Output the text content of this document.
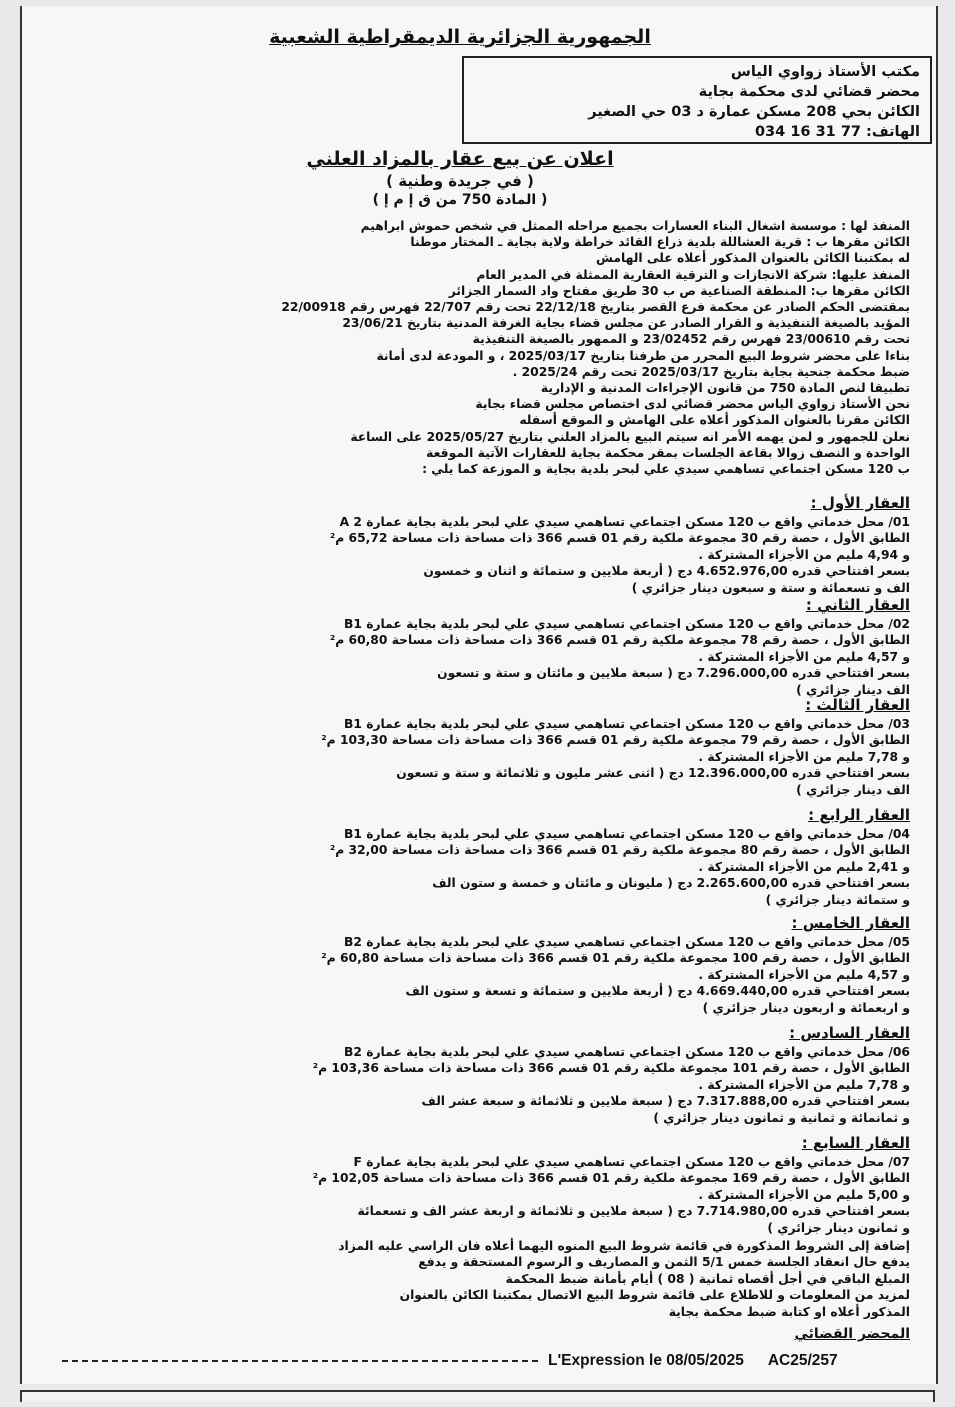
الجمهورية الجزائرية الديمقراطية الشعبية
مكتب الأستاذ زواوي الياس
محضر قضائي لدى محكمة بجاية
الكائن بحي 208 مسكن عمارة د 03 حي الصغير
الهاتف: 77 31 16 034
اعلان عن بيع عقار بالمزاد العلني
( في جريدة وطنية )
( المادة 750 من ق إ م إ )

المنفذ لها : موسسة اشغال البناء العسارات بجميع مراحله الممثل في شخص حموش ابراهيم

الكائن مقرها ب : قرية العشاللة بلدية ذراع القائد خراطة ولاية بجاية ـ المختار موطنا

له بمكتبنا الكائن بالعنوان المذكور أعلاه على الهامش

المنفذ عليها: شركة الانجازات و الترقية العقارية الممثلة في المدير العام

الكائن مقرها ب: المنطقة الصناعية ص ب 30 طريق مفتاح واد السمار الجزائر

بمقتضى الحكم الصادر عن محكمة فرع القصر بتاريخ 22/12/18 تحت رقم 22/707 فهرس رقم 22/00918

المؤيد بالصيغة التنفيذية و القرار الصادر عن مجلس قضاء بجاية الغرفة المدنية بتاريخ 23/06/21

تحت رقم 23/00610 فهرس رقم 23/02452 و الممهور بالصيغة التنفيذية

بناءا على محضر شروط البيع المحرر من طرفنا بتاريخ 2025/03/17 ، و المودعة لدى أمانة

ضبط محكمة جنحية بجاية بتاريخ 2025/03/17 تحت رقم 2025/24 .

تطبيقا لنص المادة 750 من قانون الإجراءات المدنية و الإدارية

نحن الأستاذ زواوي الياس محضر قضائي لدى اختصاص مجلس قضاء بجاية

الكائن مقرنا بالعنوان المذكور أعلاه على الهامش و الموقع أسفله

نعلن للجمهور و لمن يهمه الأمر انه سيتم البيع بالمزاد العلني بتاريخ 2025/05/27 على الساعة

الواحدة و النصف زوالا بقاعة الجلسات بمقر محكمة بجاية للعقارات الآتية الموقعة

ب 120 مسكن اجتماعي تساهمي سيدي علي لبحر بلدية بجاية و الموزعة كما يلي :

العقار الأول :

01/ محل خدماتي واقع ب 120 مسكن اجتماعي تساهمي سيدي علي لبحر بلدية بجاية عمارة A 2

الطابق الأول ، حصة رقم 30 مجموعة ملكية رقم 01 قسم 366 ذات مساحة ذات مساحة 65,72 م²

و 4,94 مليم من الأجزاء المشتركة .

بسعر افتتاحي قدره 4.652.976,00 دج ( أربعة ملايين و ستمائة و اثنان و خمسون

الف و تسعمائة و ستة و سبعون دينار جزائري )

العقار الثاني :

02/ محل خدماتي واقع ب 120 مسكن اجتماعي تساهمي سيدي علي لبحر بلدية بجاية عمارة B1

الطابق الأول ، حصة رقم 78 مجموعة ملكية رقم 01 قسم 366 ذات مساحة ذات مساحة 60,80 م²

و 4,57 مليم من الأجزاء المشتركة .

بسعر افتتاحي قدره 7.296.000,00 دج ( سبعة ملايين و مائتان و ستة و تسعون

الف دينار جزائري )

العقار الثالث :

03/ محل خدماتي واقع ب 120 مسكن اجتماعي تساهمي سيدي علي لبحر بلدية بجاية عمارة B1

الطابق الأول ، حصة رقم 79 مجموعة ملكية رقم 01 قسم 366 ذات مساحة ذات مساحة 103,30 م²

و 7,78 مليم من الأجزاء المشتركة .

بسعر افتتاحي قدره 12.396.000,00 دج ( اثنى عشر مليون و ثلاثمائة و ستة و تسعون

الف دينار جزائري )

العقار الرابع :

04/ محل خدماتي واقع ب 120 مسكن اجتماعي تساهمي سيدي علي لبحر بلدية بجاية عمارة B1

الطابق الأول ، حصة رقم 80 مجموعة ملكية رقم 01 قسم 366 ذات مساحة ذات مساحة 32,00 م²

و 2,41 مليم من الأجزاء المشتركة .

بسعر افتتاحي قدره 2.265.600,00 دج ( مليونان و مائتان و خمسة و ستون الف

و ستمائة دينار جزائري )

العقار الخامس :

05/ محل خدماتي واقع ب 120 مسكن اجتماعي تساهمي سيدي علي لبحر بلدية بجاية عمارة B2

الطابق الأول ، حصة رقم 100 مجموعة ملكية رقم 01 قسم 366 ذات مساحة ذات مساحة 60,80 م²

و 4,57 مليم من الأجزاء المشتركة .

بسعر افتتاحي قدره 4.669.440,00 دج ( أربعة ملايين و ستمائة و تسعة و ستون الف

و اربعمائة و اربعون دينار جزائري )

العقار السادس :

06/ محل خدماتي واقع ب 120 مسكن اجتماعي تساهمي سيدي علي لبحر بلدية بجاية عمارة B2

الطابق الأول ، حصة رقم 101 مجموعة ملكية رقم 01 قسم 366 ذات مساحة ذات مساحة 103,36 م²

و 7,78 مليم من الأجزاء المشتركة .

بسعر افتتاحي قدره 7.317.888,00 دج ( سبعة ملايين و ثلاثمائة و سبعة عشر الف

و ثمانمائة و ثمانية و ثمانون دينار جزائري )

العقار السابع :

07/ محل خدماتي واقع ب 120 مسكن اجتماعي تساهمي سيدي علي لبحر بلدية بجاية عمارة F

الطابق الأول ، حصة رقم 169 مجموعة ملكية رقم 01 قسم 366 ذات مساحة ذات مساحة 102,05 م²

و 5,00 مليم من الأجزاء المشتركة .

بسعر افتتاحي قدره 7.714.980,00 دج ( سبعة ملايين و ثلاثمائة و اربعة عشر الف و تسعمائة

و ثمانون دينار جزائري )

إضافة إلى الشروط المذكورة في قائمة شروط البيع المنوه اليهما أعلاه فان الراسي عليه المزاد

يدفع حال انعقاد الجلسة خمس 5/1 الثمن و المصاريف و الرسوم المستحقة و يدفع

المبلغ الباقي في أجل أقصاه ثمانية ( 08 ) أيام بأمانة ضبط المحكمة

لمزيد من المعلومات و للاطلاع على قائمة شروط البيع الاتصال بمكتبنا الكائن بالعنوان

المذكور أعلاه او كتابة ضبط محكمة بجاية

المحضر القضائي
L'Expression le 08/05/2025 AC25/257
